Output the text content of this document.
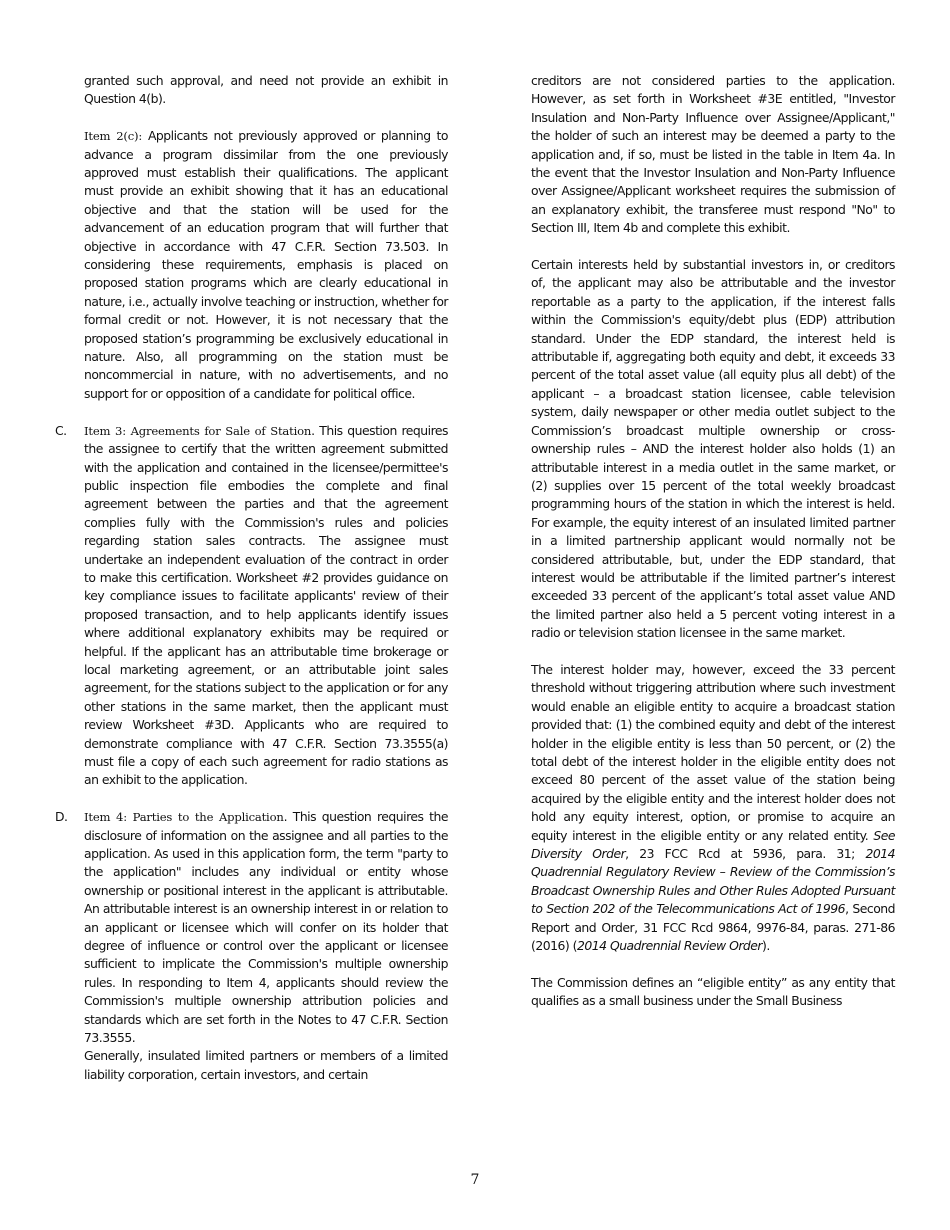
granted such approval, and need not provide an exhibit in Question 4(b).

Item 2(c): Applicants not previously approved or planning to advance a program dissimilar from the one previously approved must establish their qualifications. The applicant must provide an exhibit showing that it has an educational objective and that the station will be used for the advancement of an education program that will further that objective in accordance with 47 C.F.R. Section 73.503. In considering these requirements, emphasis is placed on proposed station programs which are clearly educational in nature, i.e., actually involve teaching or instruction, whether for formal credit or not. However, it is not necessary that the proposed station’s programming be exclusively educational in nature. Also, all programming on the station must be noncommercial in nature, with no advertisements, and no support for or opposition of a candidate for political office.

C. Item 3: Agreements for Sale of Station. This question requires the assignee to certify that the written agreement submitted with the application and contained in the licensee/permittee's public inspection file embodies the complete and final agreement between the parties and that the agreement complies fully with the Commission's rules and policies regarding station sales contracts. The assignee must undertake an independent evaluation of the contract in order to make this certification. Worksheet #2 provides guidance on key compliance issues to facilitate applicants' review of their proposed transaction, and to help applicants identify issues where additional explanatory exhibits may be required or helpful. If the applicant has an attributable time brokerage or local marketing agreement, or an attributable joint sales agreement, for the stations subject to the application or for any other stations in the same market, then the applicant must review Worksheet #3D. Applicants who are required to demonstrate compliance with 47 C.F.R. Section 73.3555(a) must file a copy of each such agreement for radio stations as an exhibit to the application.

D. Item 4: Parties to the Application. This question requires the disclosure of information on the assignee and all parties to the application. As used in this application form, the term "party to the application" includes any individual or entity whose ownership or positional interest in the applicant is attributable. An attributable interest is an ownership interest in or relation to an applicant or licensee which will confer on its holder that degree of influence or control over the applicant or licensee sufficient to implicate the Commission's multiple ownership rules. In responding to Item 4, applicants should review the Commission's multiple ownership attribution policies and standards which are set forth in the Notes to 47 C.F.R. Section 73.3555.

Generally, insulated limited partners or members of a limited liability corporation, certain investors, and certain

creditors are not considered parties to the application. However, as set forth in Worksheet #3E entitled, "Investor Insulation and Non-Party Influence over Assignee/Applicant," the holder of such an interest may be deemed a party to the application and, if so, must be listed in the table in Item 4a. In the event that the Investor Insulation and Non-Party Influence over Assignee/Applicant worksheet requires the submission of an explanatory exhibit, the transferee must respond "No" to Section III, Item 4b and complete this exhibit.

Certain interests held by substantial investors in, or creditors of, the applicant may also be attributable and the investor reportable as a party to the application, if the interest falls within the Commission's equity/debt plus (EDP) attribution standard. Under the EDP standard, the interest held is attributable if, aggregating both equity and debt, it exceeds 33 percent of the total asset value (all equity plus all debt) of the applicant – a broadcast station licensee, cable television system, daily newspaper or other media outlet subject to the Commission’s broadcast multiple ownership or cross-ownership rules – AND the interest holder also holds (1) an attributable interest in a media outlet in the same market, or (2) supplies over 15 percent of the total weekly broadcast programming hours of the station in which the interest is held. For example, the equity interest of an insulated limited partner in a limited partnership applicant would normally not be considered attributable, but, under the EDP standard, that interest would be attributable if the limited partner’s interest exceeded 33 percent of the applicant’s total asset value AND the limited partner also held a 5 percent voting interest in a radio or television station licensee in the same market.

The interest holder may, however, exceed the 33 percent threshold without triggering attribution where such investment would enable an eligible entity to acquire a broadcast station provided that: (1) the combined equity and debt of the interest holder in the eligible entity is less than 50 percent, or (2) the total debt of the interest holder in the eligible entity does not exceed 80 percent of the asset value of the station being acquired by the eligible entity and the interest holder does not hold any equity interest, option, or promise to acquire an equity interest in the eligible entity or any related entity. See Diversity Order, 23 FCC Rcd at 5936, para. 31; 2014 Quadrennial Regulatory Review – Review of the Commission’s Broadcast Ownership Rules and Other Rules Adopted Pursuant to Section 202 of the Telecommunications Act of 1996, Second Report and Order, 31 FCC Rcd 9864, 9976-84, paras. 271-86 (2016) (2014 Quadrennial Review Order).

The Commission defines an “eligible entity” as any entity that qualifies as a small business under the Small Business

7
